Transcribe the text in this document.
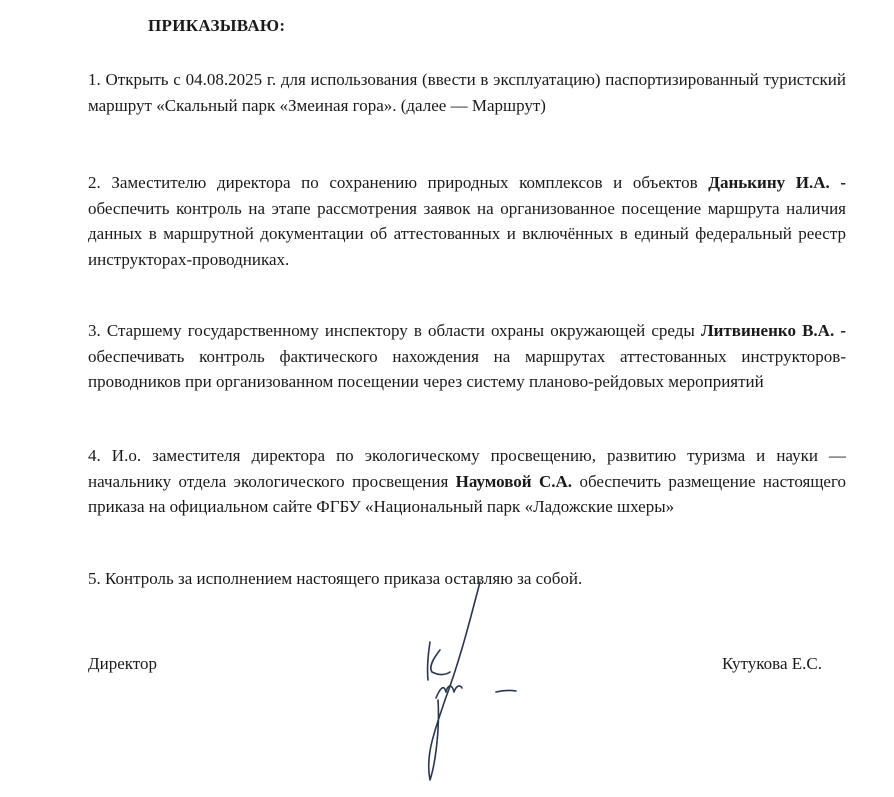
ПРИКАЗЫВАЮ:
1. Открыть с 04.08.2025 г. для использования (ввести в эксплуатацию) паспортизированный туристский маршрут «Скальный парк «Змеиная гора». (далее — Маршрут)
2. Заместителю директора по сохранению природных комплексов и объектов Данькину И.А. - обеспечить контроль на этапе рассмотрения заявок на организованное посещение маршрута наличия данных в маршрутной документации об аттестованных и включённых в единый федеральный реестр инструкторах-проводниках.
3. Старшему государственному инспектору в области охраны окружающей среды Литвиненко В.А. - обеспечивать контроль фактического нахождения на маршрутах аттестованных инструкторов-проводников при организованном посещении через систему планово-рейдовых мероприятий
4. И.о. заместителя директора по экологическому просвещению, развитию туризма и науки — начальнику отдела экологического просвещения Наумовой С.А. обеспечить размещение настоящего приказа на официальном сайте ФГБУ «Национальный парк «Ладожские шхеры»
5. Контроль за исполнением настоящего приказа оставляю за собой.
Директор	Кутукова Е.С.
